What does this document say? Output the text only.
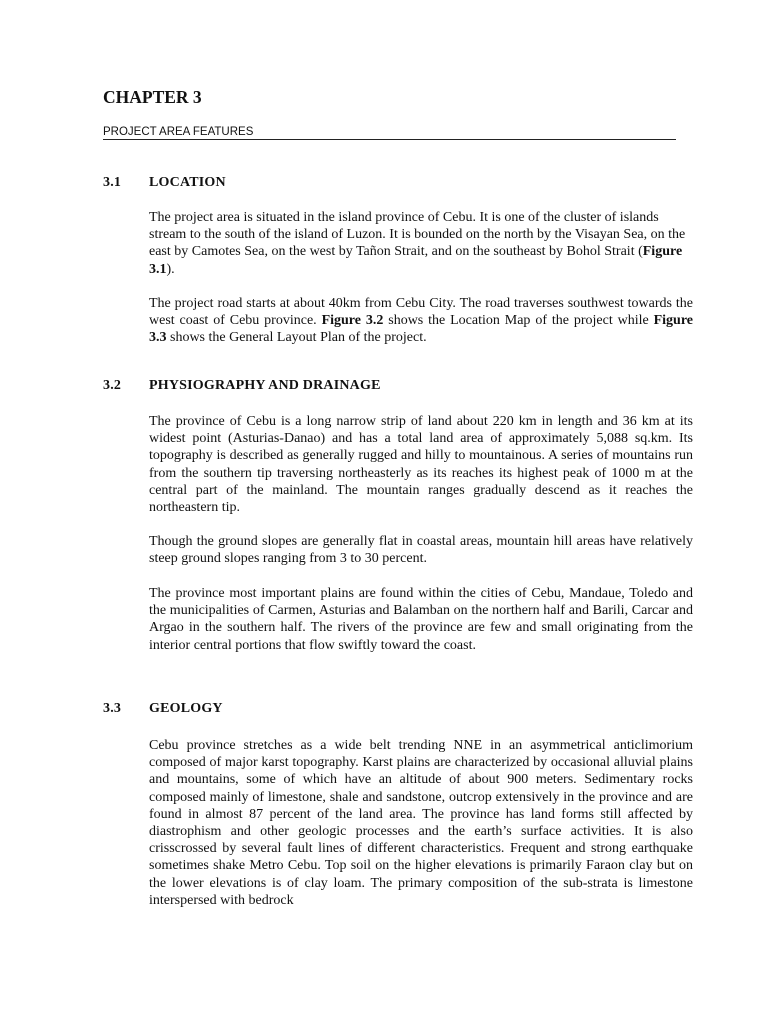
CHAPTER 3

PROJECT AREA FEATURES

3.1	LOCATION

The project area is situated in the island province of Cebu. It is one of the cluster of islands stream to the south of the island of Luzon. It is bounded on the north by the Visayan Sea, on the east by Camotes Sea, on the west by Tañon Strait, and on the southeast by Bohol Strait (Figure 3.1).

The project road starts at about 40km from Cebu City. The road traverses southwest towards the west coast of Cebu province. Figure 3.2 shows the Location Map of the project while Figure 3.3 shows the General Layout Plan of the project.

3.2	PHYSIOGRAPHY AND DRAINAGE

The province of Cebu is a long narrow strip of land about 220 km in length and 36 km at its widest point (Asturias-Danao) and has a total land area of approximately 5,088 sq.km. Its topography is described as generally rugged and hilly to mountainous. A series of mountains run from the southern tip traversing northeasterly as its reaches its highest peak of 1000 m at the central part of the mainland. The mountain ranges gradually descend as it reaches the northeastern tip.

Though the ground slopes are generally flat in coastal areas, mountain hill areas have relatively steep ground slopes ranging from 3 to 30 percent.

The province most important plains are found within the cities of Cebu, Mandaue, Toledo and the municipalities of Carmen, Asturias and Balamban on the northern half and Barili, Carcar and Argao in the southern half. The rivers of the province are few and small originating from the interior central portions that flow swiftly toward the coast.

3.3	GEOLOGY

Cebu province stretches as a wide belt trending NNE in an asymmetrical anticlimorium composed of major karst topography. Karst plains are characterized by occasional alluvial plains and mountains, some of which have an altitude of about 900 meters. Sedimentary rocks composed mainly of limestone, shale and sandstone, outcrop extensively in the province and are found in almost 87 percent of the land area. The province has land forms still affected by diastrophism and other geologic processes and the earth’s surface activities. It is also crisscrossed by several fault lines of different characteristics. Frequent and strong earthquake sometimes shake Metro Cebu. Top soil on the higher elevations is primarily Faraon clay but on the lower elevations is of clay loam. The primary composition of the sub-strata is limestone interspersed with bedrock
